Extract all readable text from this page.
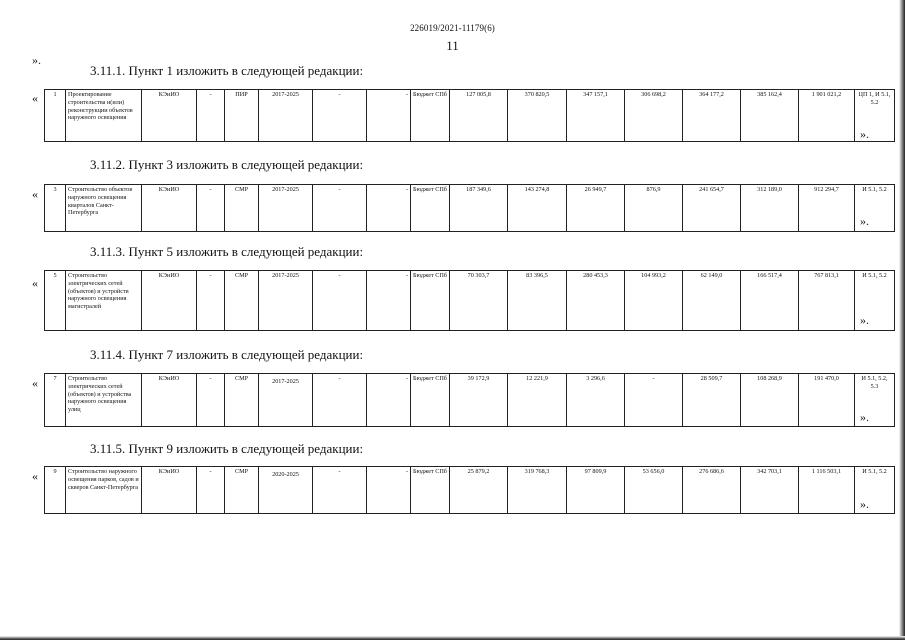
226019/2021-11179(6)
11
».
3.11.1. Пункт 1 изложить в следующей редакции:
« 1	Проектирование строительства и(или) реконструкции объектов наружного освещения	КЭиИО	-	ПИР	2017-2025	-	-	Бюджет СПб	127 005,8	370 820,5	347 157,1	306 698,2	364 177,2	385 162,4	1 901 021,2	ЦП 1, И 5.1, 5.2
».
3.11.2. Пункт 3 изложить в следующей редакции:
« 3	Строительство объектов наружного освещения кварталов Санкт-Петербурга	КЭиИО	-	СМР	2017-2025	-	-	Бюджет СПб	187 349,6	143 274,8	26 949,7	876,9	241 654,7	312 189,0	912 294,7	И 5.1, 5.2
».
3.11.3. Пункт 5 изложить в следующей редакции:
«
5	Строительство электрических сетей (объектов) и устройств наружного освещения магистралей	КЭиИО	-	СМР	2017-2025	-	-	Бюджет СПб	70 303,7	83 396,5	280 453,3	104 993,2	62 149,0	166 517,4	767 813,1	И 5.1, 5.2
».
3.11.4. Пункт 7 изложить в следующей редакции:
« 7	Строительство электрических сетей (объектов) и устройства наружного освещения улиц	КЭиИО	-	СМР	2017-2025	-	-	Бюджет СПб	39 172,9	12 221,9	3 296,6	-	28 509,7	108 268,9	191 470,0	И 5.1, 5.2, 5.3
».
3.11.5. Пункт 9 изложить в следующей редакции:
« 9	Строительство наружного освещения парков, садов и скверов Санкт-Петербурга	КЭиИО	-	СМР	2020-2025	-	-	Бюджет СПб	25 879,2	319 768,3	97 809,9	53 656,0	276 686,6	342 703,1	1 116 503,1	И 5.1, 5.2
».
